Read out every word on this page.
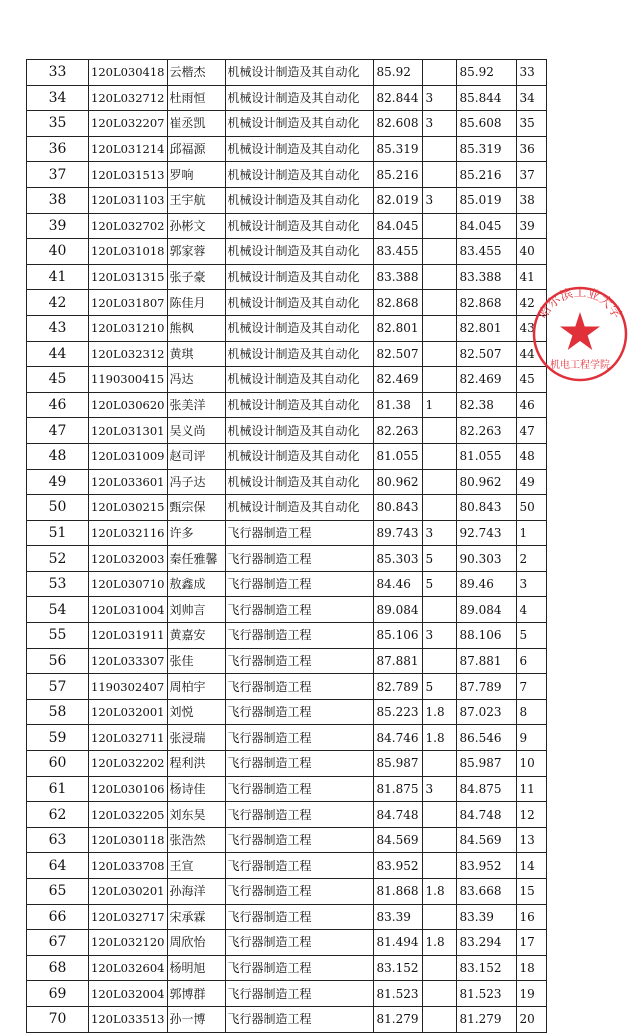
33	120L030418	云楷杰	机械设计制造及其自动化	85.92		85.92	33
34	120L032712	杜雨恒	机械设计制造及其自动化	82.844	3	85.844	34
35	120L032207	崔丞凯	机械设计制造及其自动化	82.608	3	85.608	35
36	120L031214	邱福源	机械设计制造及其自动化	85.319		85.319	36
37	120L031513	罗响	机械设计制造及其自动化	85.216		85.216	37
38	120L031103	王宇航	机械设计制造及其自动化	82.019	3	85.019	38
39	120L032702	孙彬文	机械设计制造及其自动化	84.045		84.045	39
40	120L031018	郭家蓉	机械设计制造及其自动化	83.455		83.455	40
41	120L031315	张子豪	机械设计制造及其自动化	83.388		83.388	41
42	120L031807	陈佳月	机械设计制造及其自动化	82.868		82.868	42
43	120L031210	熊枫	机械设计制造及其自动化	82.801		82.801	43
44	120L032312	黄琪	机械设计制造及其自动化	82.507		82.507	44
45	1190300415	冯达	机械设计制造及其自动化	82.469		82.469	45
46	120L030620	张美洋	机械设计制造及其自动化	81.38	1	82.38	46
47	120L031301	吴义尚	机械设计制造及其自动化	82.263		82.263	47
48	120L031009	赵司评	机械设计制造及其自动化	81.055		81.055	48
49	120L033601	冯子达	机械设计制造及其自动化	80.962		80.962	49
50	120L030215	甄宗保	机械设计制造及其自动化	80.843		80.843	50
51	120L032116	许多	飞行器制造工程	89.743	3	92.743	1
52	120L032003	秦任雅馨	飞行器制造工程	85.303	5	90.303	2
53	120L030710	敖鑫成	飞行器制造工程	84.46	5	89.46	3
54	120L031004	刘帅言	飞行器制造工程	89.084		89.084	4
55	120L031911	黄嘉安	飞行器制造工程	85.106	3	88.106	5
56	120L033307	张佳	飞行器制造工程	87.881		87.881	6
57	1190302407	周柏宇	飞行器制造工程	82.789	5	87.789	7
58	120L032001	刘悦	飞行器制造工程	85.223	1.8	87.023	8
59	120L032711	张浸瑞	飞行器制造工程	84.746	1.8	86.546	9
60	120L032202	程利洪	飞行器制造工程	85.987		85.987	10
61	120L030106	杨诗佳	飞行器制造工程	81.875	3	84.875	11
62	120L032205	刘东昊	飞行器制造工程	84.748		84.748	12
63	120L030118	张浩然	飞行器制造工程	84.569		84.569	13
64	120L033708	王宣	飞行器制造工程	83.952		83.952	14
65	120L030201	孙海洋	飞行器制造工程	81.868	1.8	83.668	15
66	120L032717	宋承霖	飞行器制造工程	83.39		83.39	16
67	120L032120	周欣怡	飞行器制造工程	81.494	1.8	83.294	17
68	120L032604	杨明旭	飞行器制造工程	83.152		83.152	18
69	120L032004	郭博群	飞行器制造工程	81.523		81.523	19
70	120L033513	孙一博	飞行器制造工程	81.279		81.279	20
哈尔滨工业大学
机电工程学院
